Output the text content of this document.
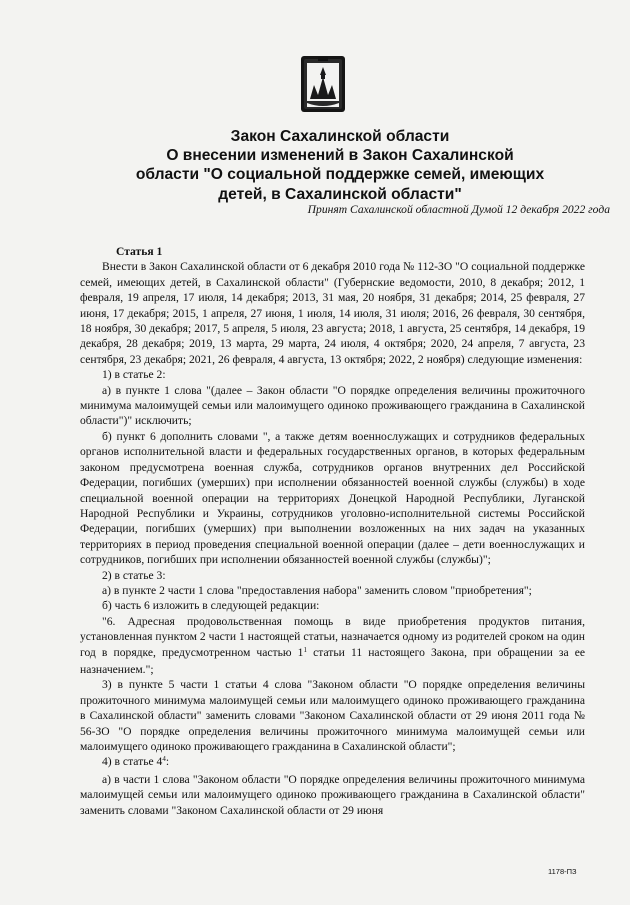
Закон Сахалинской области
О внесении изменений в Закон Сахалинской
области "О социальной поддержке семей, имеющих
детей, в Сахалинской области"
Принят Сахалинской областной Думой 12 декабря 2022 года

Статья 1

Внести в Закон Сахалинской области от 6 декабря 2010 года № 112-ЗО "О социальной поддержке семей, имеющих детей, в Сахалинской области" (Губернские ведомости, 2010, 8 декабря; 2012, 1 февраля, 19 апреля, 17 июля, 14 декабря; 2013, 31 мая, 20 ноября, 31 декабря; 2014, 25 февраля, 27 июня, 17 декабря; 2015, 1 апреля, 27 июня, 1 июля, 14 июля, 31 июля; 2016, 26 февраля, 30 сентября, 18 ноября, 30 декабря; 2017, 5 апреля, 5 июля, 23 августа; 2018, 1 августа, 25 сентября, 14 декабря, 19 декабря, 28 декабря; 2019, 13 марта, 29 марта, 24 июля, 4 октября; 2020, 24 апреля, 7 августа, 23 сентября, 23 декабря; 2021, 26 февраля, 4 августа, 13 октября; 2022, 2 ноября) следующие изменения:

1) в статье 2:

а) в пункте 1 слова "(далее – Закон области "О порядке определения величины прожиточного минимума малоимущей семьи или малоимущего одиноко проживающего гражданина в Сахалинской области")" исключить;

б) пункт 6 дополнить словами ", а также детям военнослужащих и сотрудников федеральных органов исполнительной власти и федеральных государственных органов, в которых федеральным законом предусмотрена военная служба, сотрудников органов внутренних дел Российской Федерации, погибших (умерших) при исполнении обязанностей военной службы (службы) в ходе специальной военной операции на территориях Донецкой Народной Республики, Луганской Народной Республики и Украины, сотрудников уголовно-исполнительной системы Российской Федерации, погибших (умерших) при выполнении возложенных на них задач на указанных территориях в период проведения специальной военной операции (далее – дети военнослужащих и сотрудников, погибших при исполнении обязанностей военной службы (службы)";

2) в статье 3:

а) в пункте 2 части 1 слова "предоставления набора" заменить словом "приобретения";

б) часть 6 изложить в следующей редакции:

"6. Адресная продовольственная помощь в виде приобретения продуктов питания, установленная пунктом 2 части 1 настоящей статьи, назначается одному из родителей сроком на один год в порядке, предусмотренном частью $1^1$ статьи 11 настоящего Закона, при обращении за ее назначением.";

3) в пункте 5 части 1 статьи 4 слова "Законом области "О порядке определения величины прожиточного минимума малоимущей семьи или малоимущего одиноко проживающего гражданина в Сахалинской области" заменить словами "Законом Сахалинской области от 29 июня 2011 года № 56-ЗО "О порядке определения величины прожиточного минимума малоимущей семьи или малоимущего одиноко проживающего гражданина в Сахалинской области";

4) в статье $4^4$:

а) в части 1 слова "Законом области "О порядке определения величины прожиточного минимума малоимущей семьи или малоимущего одиноко проживающего гражданина в Сахалинской области" заменить словами "Законом Сахалинской области от 29 июня

1178-ПЗ
